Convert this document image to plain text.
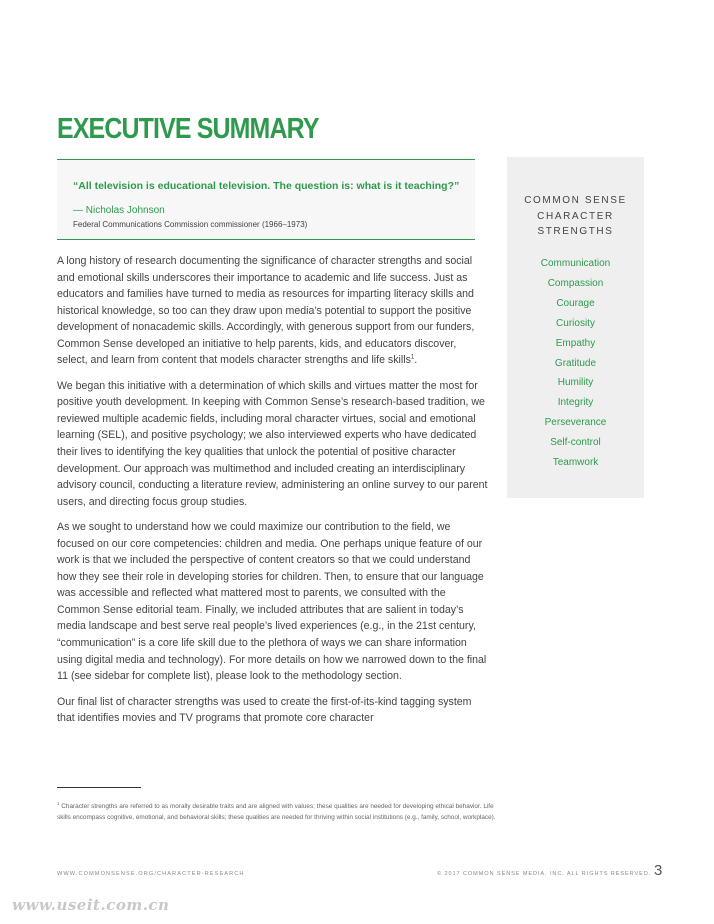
EXECUTIVE SUMMARY
“All television is educational television. The question is: what is it teaching?”
— Nicholas Johnson
Federal Communications Commission commissioner (1966–1973)

A long history of research documenting the significance of character strengths and social and emotional skills underscores their importance to academic and life success. Just as educators and families have turned to media as resources for imparting literacy skills and historical knowledge, so too can they draw upon media’s potential to support the positive development of nonacademic skills. Accordingly, with generous support from our funders, Common Sense developed an initiative to help parents, kids, and educators discover, select, and learn from content that models character strengths and life skills$^1$.

We began this initiative with a determination of which skills and virtues matter the most for positive youth development. In keeping with Common Sense’s research-based tradition, we reviewed multiple academic fields, including moral character virtues, social and emotional learning (SEL), and positive psychology; we also interviewed experts who have dedicated their lives to identifying the key qualities that unlock the potential of positive character development. Our approach was multimethod and included creating an interdisciplinary advisory council, conducting a literature review, administering an online survey to our parent users, and directing focus group studies.

As we sought to understand how we could maximize our contribution to the field, we focused on our core competencies: children and media. One perhaps unique feature of our work is that we included the perspective of content creators so that we could understand how they see their role in developing stories for children. Then, to ensure that our language was accessible and reflected what mattered most to parents, we consulted with the Common Sense editorial team. Finally, we included attributes that are salient in today’s media landscape and best serve real people’s lived experiences (e.g., in the 21st century, “communication” is a core life skill due to the plethora of ways we can share information using digital media and technology). For more details on how we narrowed down to the final 11 (see sidebar for complete list), please look to the methodology section.

Our final list of character strengths was used to create the first-of-its-kind tagging system that identifies movies and TV programs that promote core character

COMMON SENSE
CHARACTER
STRENGTHS
Communication
Compassion
Courage
Curiosity
Empathy
Gratitude
Humility
Integrity
Perseverance
Self-control
Teamwork
$^1$ Character strengths are referred to as morally desirable traits and are aligned with values; these qualities are needed for developing ethical behavior. Life skills encompass cognitive, emotional, and behavioral skills; these qualities are needed for thriving within social institutions (e.g., family, school, workplace).
WWW.COMMONSENSE.ORG/CHARACTER-RESEARCH	© 2017 COMMON SENSE MEDIA. INC. ALL RIGHTS RESERVED. 3
www.useit.com.cn
